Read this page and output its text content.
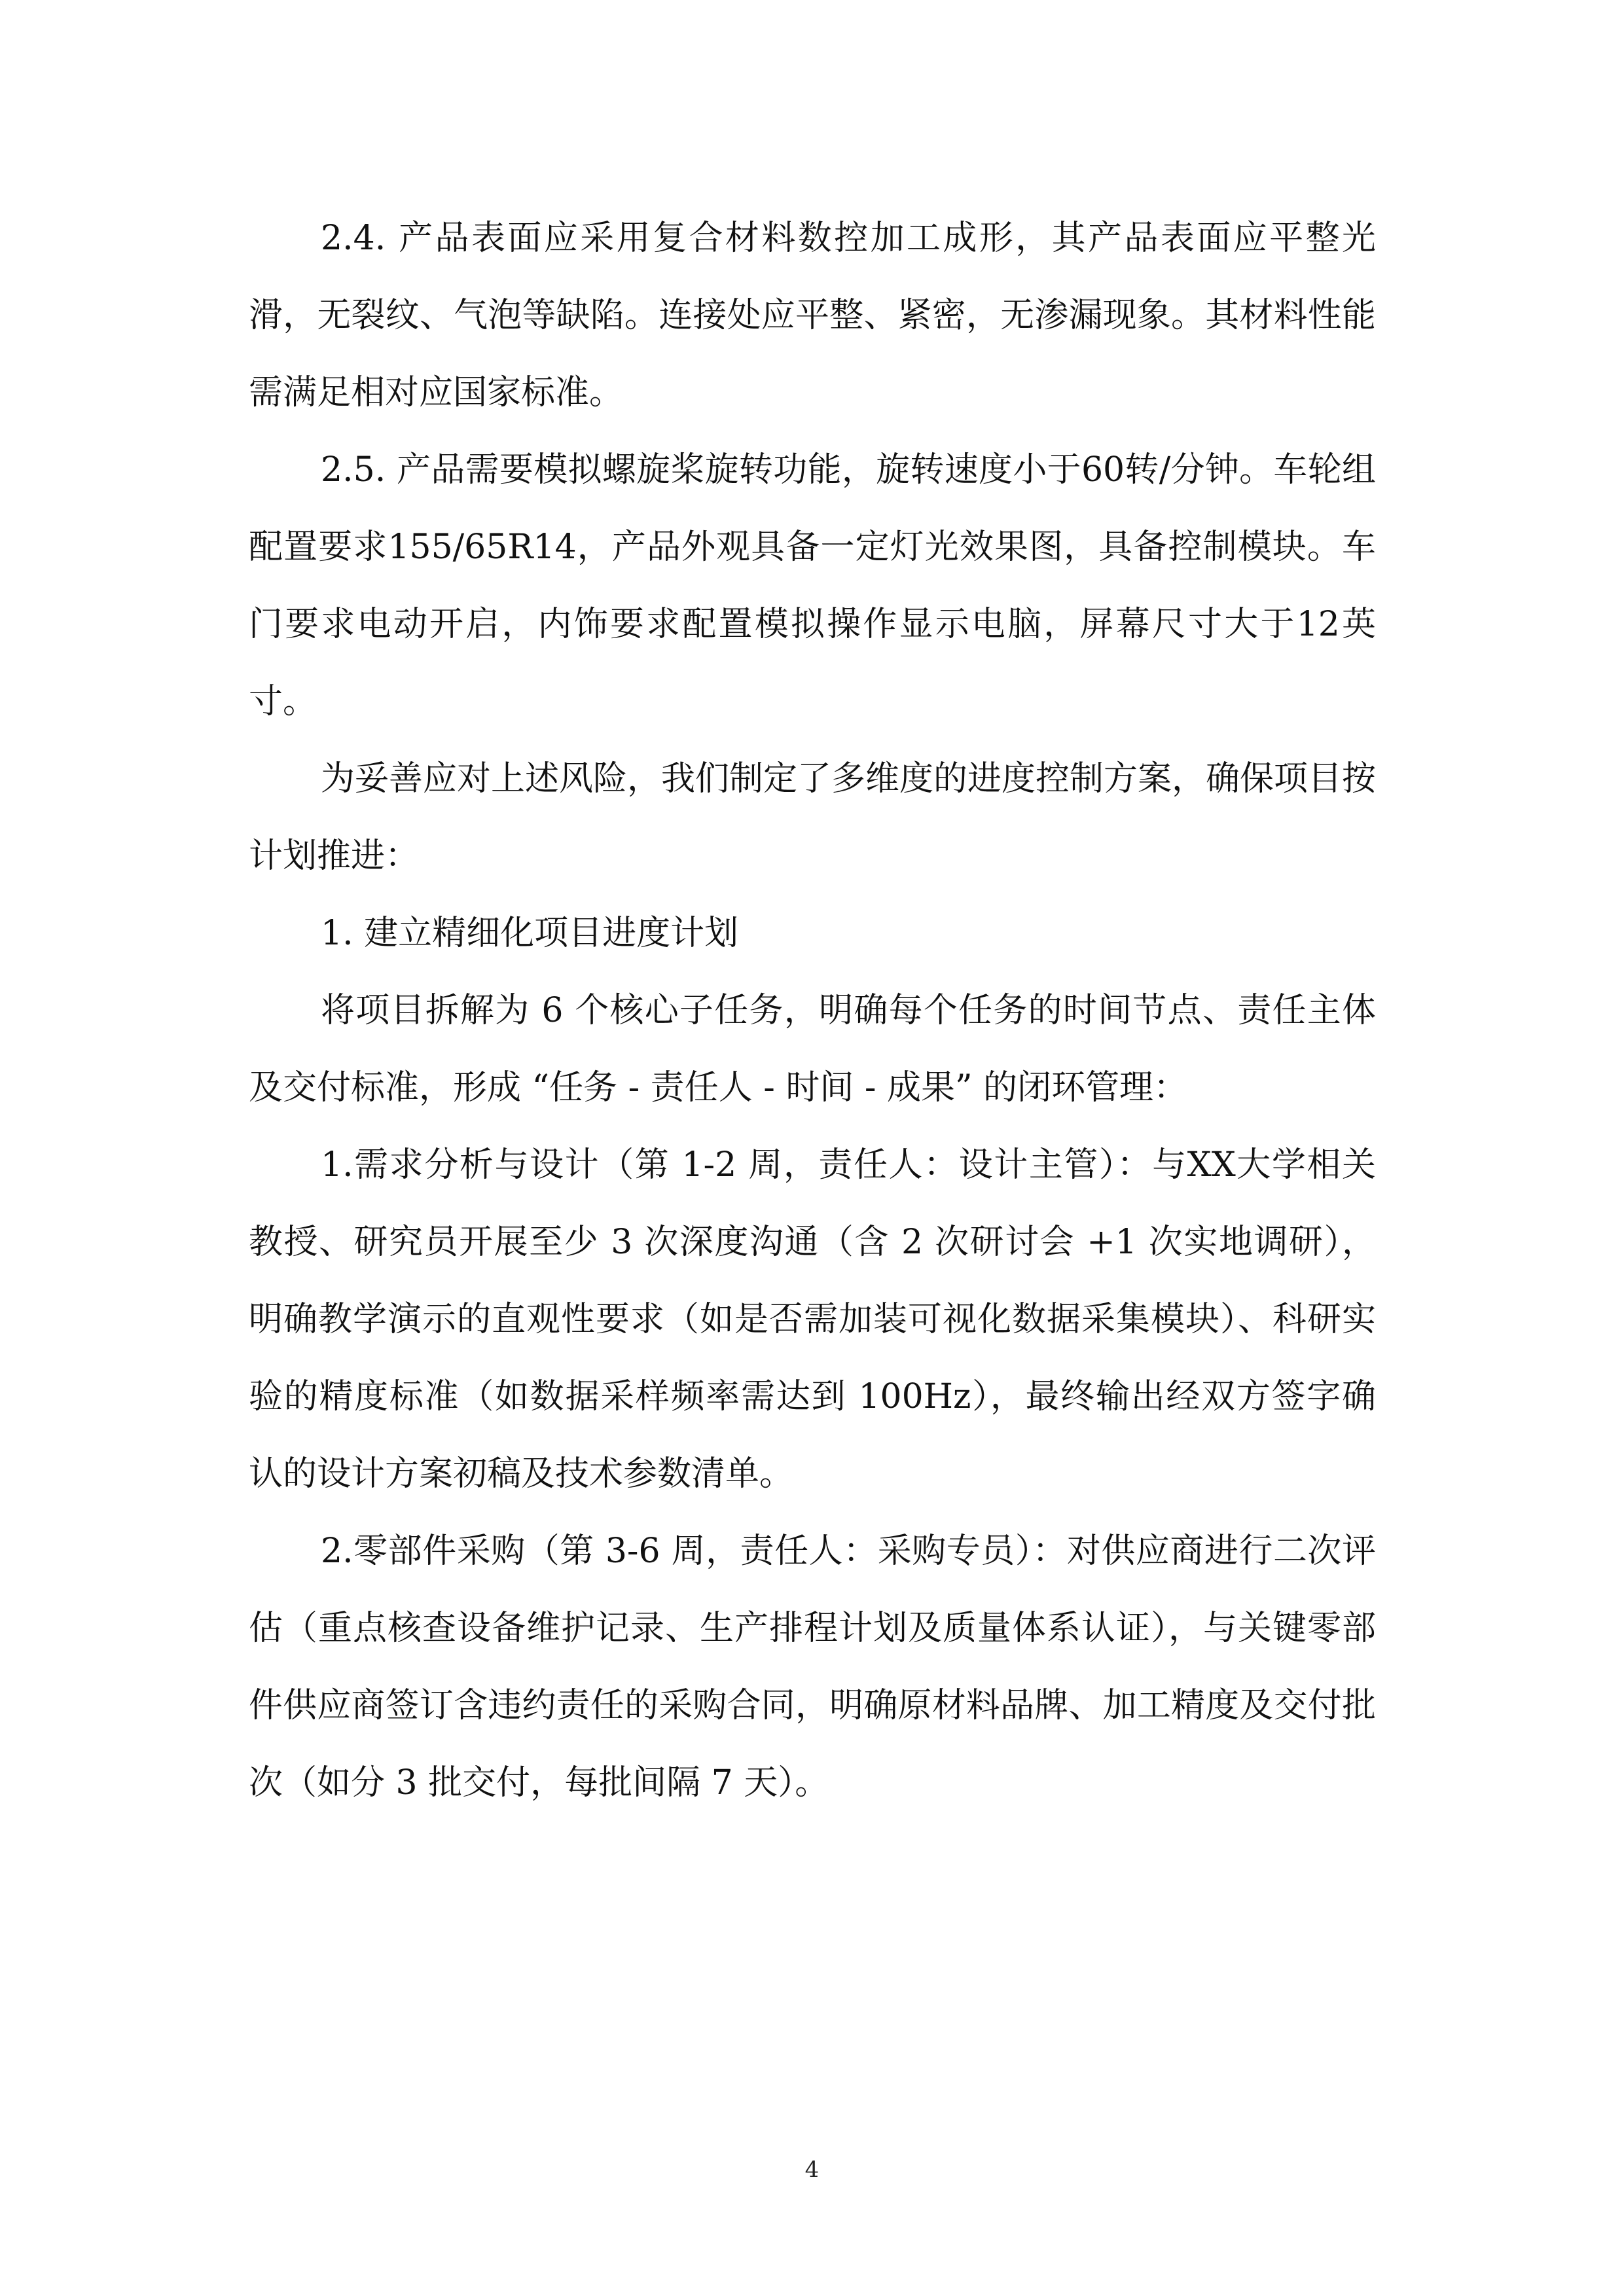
2.4. 产品表面应采用复合材料数控加工成形，其产品表面应平整光滑，无裂纹、气泡等缺陷。连接处应平整、紧密，无渗漏现象。其材料性能需满足相对应国家标准。

2.5. 产品需要模拟螺旋桨旋转功能，旋转速度小于60转/分钟。车轮组配置要求155/65R14，产品外观具备一定灯光效果图，具备控制模块。车门要求电动开启，内饰要求配置模拟操作显示电脑，屏幕尺寸大于12英寸。

为妥善应对上述风险，我们制定了多维度的进度控制方案，确保项目按计划推进：

1. 建立精细化项目进度计划

将项目拆解为 6 个核心子任务，明确每个任务的时间节点、责任主体及交付标准，形成 “任务 - 责任人 - 时间 - 成果” 的闭环管理：

1.需求分析与设计（第 1-2 周，责任人：设计主管）：与XX大学相关教授、研究员开展至少 3 次深度沟通（含 2 次研讨会 +1 次实地调研），明确教学演示的直观性要求（如是否需加装可视化数据采集模块）、科研实验的精度标准（如数据采样频率需达到 100Hz），最终输出经双方签字确认的设计方案初稿及技术参数清单。

2.零部件采购（第 3-6 周，责任人：采购专员）：对供应商进行二次评估（重点核查设备维护记录、生产排程计划及质量体系认证），与关键零部件供应商签订含违约责任的采购合同，明确原材料品牌、加工精度及交付批次（如分 3 批交付，每批间隔 7 天）。

4
